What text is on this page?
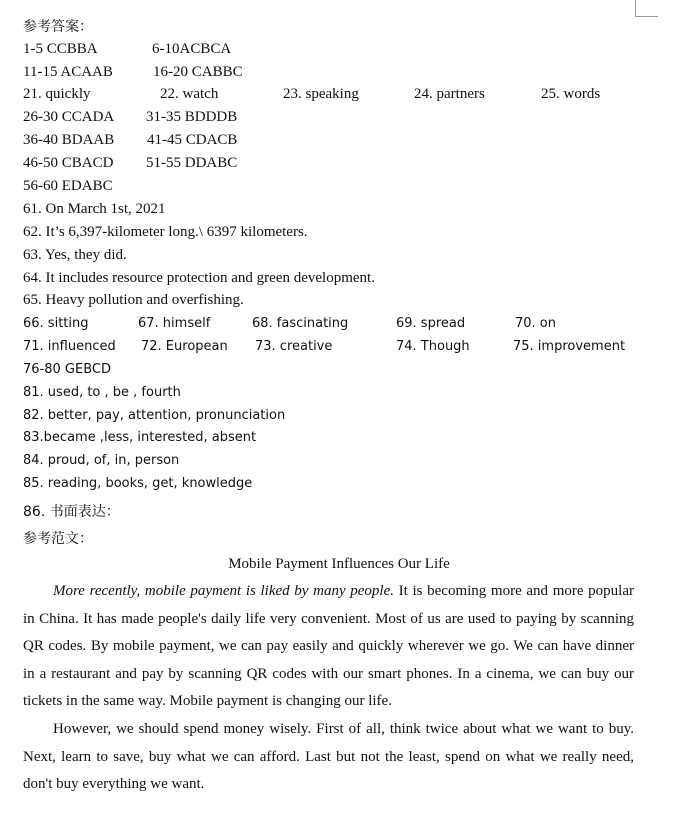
参考答案：
1-5 CCBBA	6-10ACBCA
11-15 ACAAB	16-20 CABBC
21. quickly	22. watch	23. speaking	24. partners	25. words
26-30 CCADA 31-35 BDDDB
36-40 BDAAB 41-45 CDACB
46-50 CBACD 51-55 DDABC
56-60 EDABC
61. On March 1st, 2021
62. It’s 6,397-kilometer long.\ 6397 kilometers.
63. Yes, they did.
64. It includes resource protection and green development.
65. Heavy pollution and overfishing.
66. sitting	67. himself	68. fascinating	69. spread	70. on
71. influenced 72. European 73. creative	74. Though	75. improvement
76-80 GEBCD
81. used, to , be , fourth
82. better, pay, attention, pronunciation
83.became ,less, interested, absent
84. proud, of, in, person
85. reading, books, get, knowledge
86. 书面表达：
参考范文：
Mobile Payment Influences Our Life

More recently, mobile payment is liked by many people. It is becoming more and more popular in China. It has made people's daily life very convenient. Most of us are used to paying by scanning QR codes. By mobile payment, we can pay easily and quickly wherever we go. We can have dinner in a restaurant and pay by scanning QR codes with our smart phones. In a cinema, we can buy our tickets in the same way. Mobile payment is changing our life.

However, we should spend money wisely. First of all, think twice about what we want to buy. Next, learn to save, buy what we can afford. Last but not the least, spend on what we really need, don't buy everything we want.
